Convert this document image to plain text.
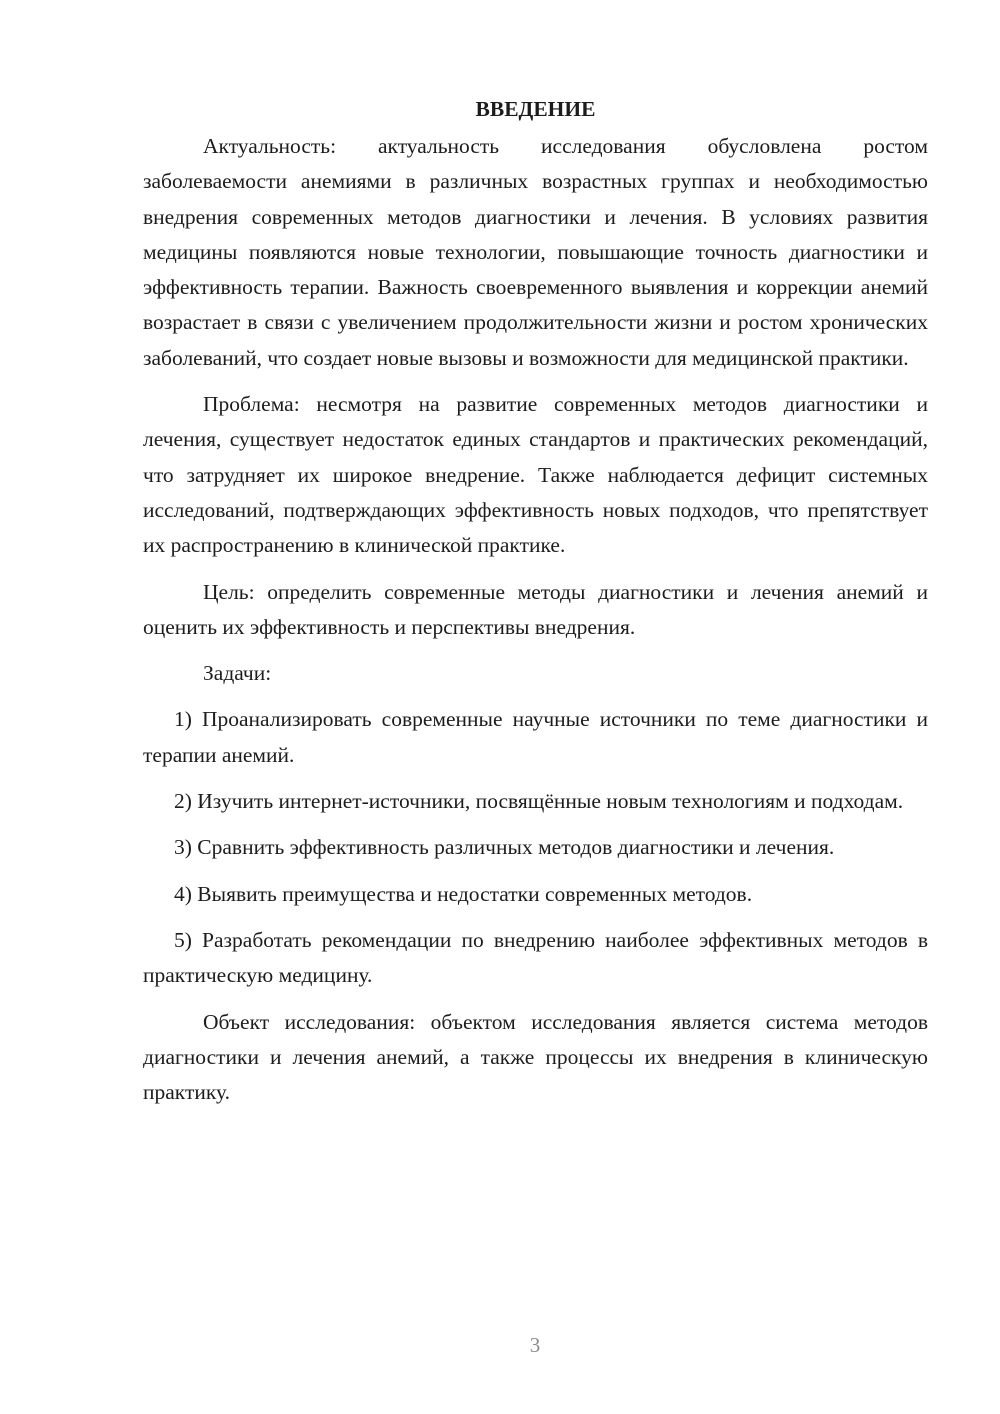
ВВЕДЕНИЕ

Актуальность: актуальность исследования обусловлена ростом заболеваемости анемиями в различных возрастных группах и необходимостью внедрения современных методов диагностики и лечения. В условиях развития медицины появляются новые технологии, повышающие точность диагностики и эффективность терапии. Важность своевременного выявления и коррекции анемий возрастает в связи с увеличением продолжительности жизни и ростом хронических заболеваний, что создает новые вызовы и возможности для медицинской практики.

Проблема: несмотря на развитие современных методов диагностики и лечения, существует недостаток единых стандартов и практических рекомендаций, что затрудняет их широкое внедрение. Также наблюдается дефицит системных исследований, подтверждающих эффективность новых подходов, что препятствует их распространению в клинической практике.

Цель: определить современные методы диагностики и лечения анемий и оценить их эффективность и перспективы внедрения.

Задачи:

1) Проанализировать современные научные источники по теме диагностики и терапии анемий.

2) Изучить интернет-источники, посвящённые новым технологиям и подходам.

3) Сравнить эффективность различных методов диагностики и лечения.

4) Выявить преимущества и недостатки современных методов.

5) Разработать рекомендации по внедрению наиболее эффективных методов в практическую медицину.

Объект исследования: объектом исследования является система методов диагностики и лечения анемий, а также процессы их внедрения в клиническую практику.

3
